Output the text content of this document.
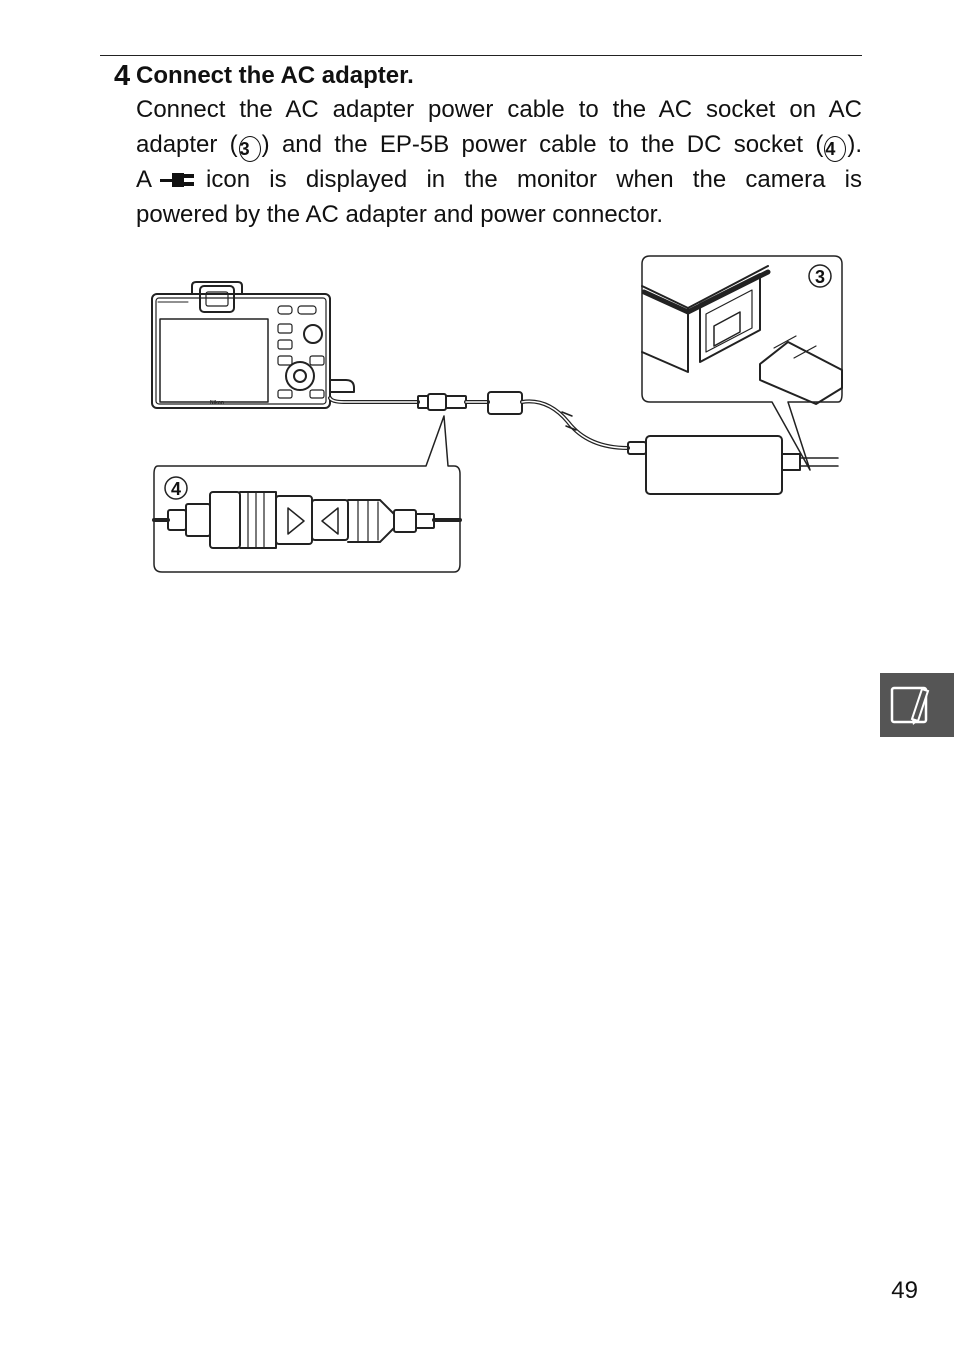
4 Connect the AC adapter.

Connect the AC adapter power cable to the AC socket on AC
adapter ( 3 ) and the EP-5B power cable to the DC socket ( 4 ).
A icon is displayed in the monitor when the camera is
powered by the AC adapter and power connector.

Nikon
4
3
49
